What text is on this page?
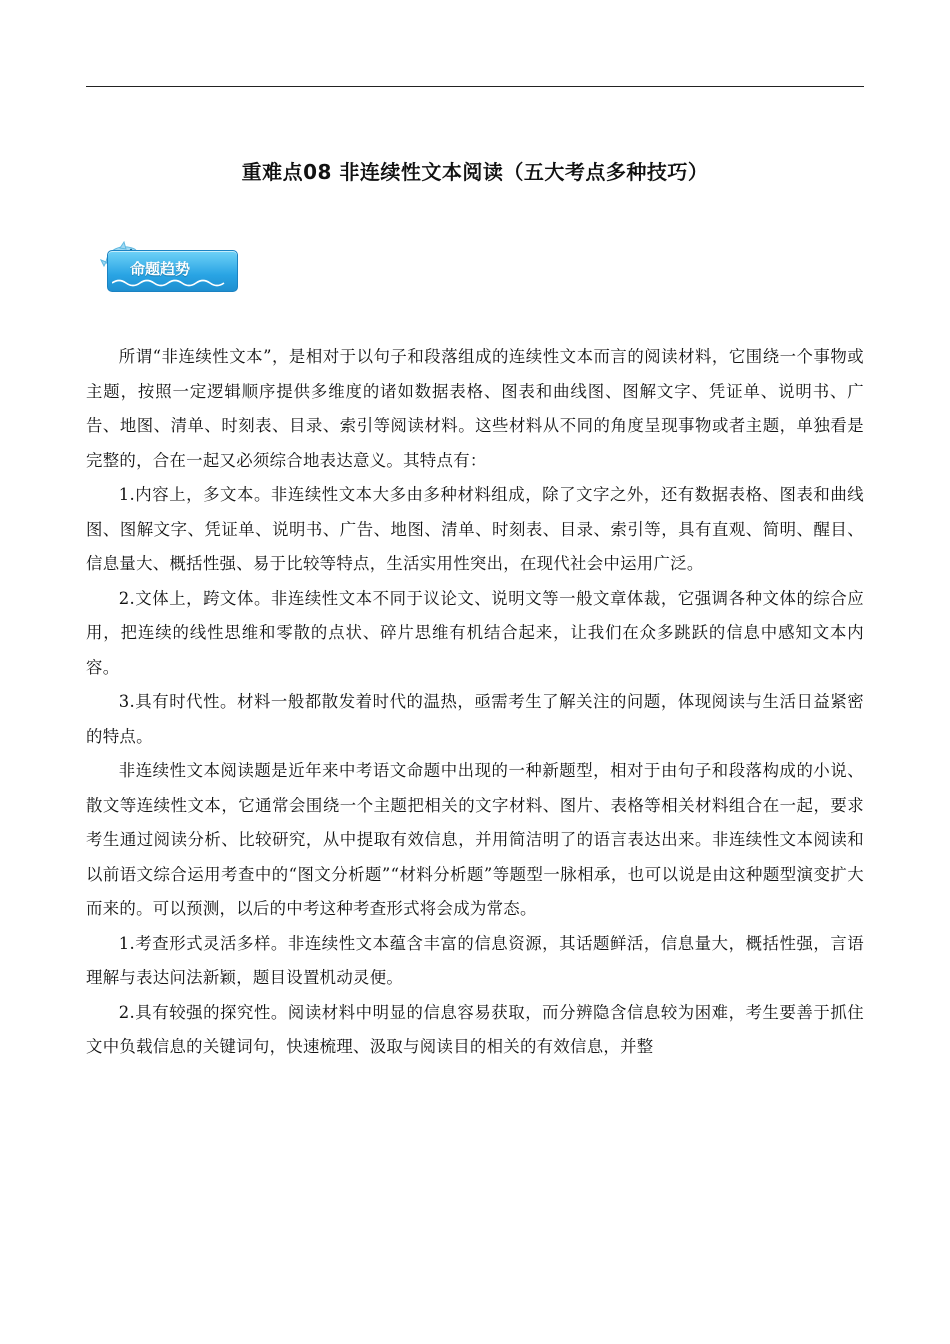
重难点08 非连续性文本阅读（五大考点多种技巧）
命题趋势

所谓“非连续性文本”，是相对于以句子和段落组成的连续性文本而言的阅读材料，它围绕一个事物或主题，按照一定逻辑顺序提供多维度的诸如数据表格、图表和曲线图、图解文字、凭证单、说明书、广告、地图、清单、时刻表、目录、索引等阅读材料。这些材料从不同的角度呈现事物或者主题，单独看是完整的，合在一起又必须综合地表达意义。其特点有：

1.内容上，多文本。非连续性文本大多由多种材料组成，除了文字之外，还有数据表格、图表和曲线图、图解文字、凭证单、说明书、广告、地图、清单、时刻表、目录、索引等，具有直观、简明、醒目、信息量大、概括性强、易于比较等特点，生活实用性突出，在现代社会中运用广泛。

2.文体上，跨文体。非连续性文本不同于议论文、说明文等一般文章体裁，它强调各种文体的综合应用，把连续的线性思维和零散的点状、碎片思维有机结合起来，让我们在众多跳跃的信息中感知文本内容。

3.具有时代性。材料一般都散发着时代的温热，亟需考生了解关注的问题，体现阅读与生活日益紧密的特点。

非连续性文本阅读题是近年来中考语文命题中出现的一种新题型，相对于由句子和段落构成的小说、散文等连续性文本，它通常会围绕一个主题把相关的文字材料、图片、表格等相关材料组合在一起，要求考生通过阅读分析、比较研究，从中提取有效信息，并用简洁明了的语言表达出来。非连续性文本阅读和以前语文综合运用考查中的“图文分析题”“材料分析题”等题型一脉相承，也可以说是由这种题型演变扩大而来的。可以预测，以后的中考这种考查形式将会成为常态。

1.考查形式灵活多样。非连续性文本蕴含丰富的信息资源，其话题鲜活，信息量大，概括性强，言语理解与表达问法新颖，题目设置机动灵便。

2.具有较强的探究性。阅读材料中明显的信息容易获取，而分辨隐含信息较为困难，考生要善于抓住文中负载信息的关键词句，快速梳理、汲取与阅读目的相关的有效信息，并整
